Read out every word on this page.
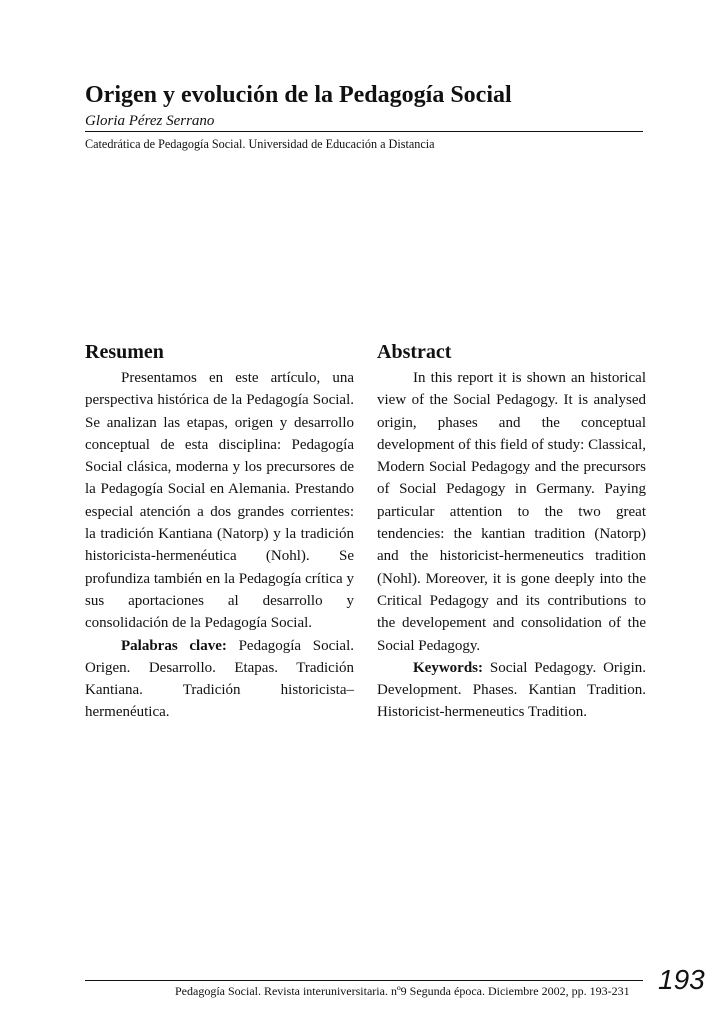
Origen y evolución de la Pedagogía Social
Gloria Pérez Serrano
Catedrática de Pedagogía Social. Universidad de Educación a Distancia
Resumen

Presentamos en este artículo, una perspectiva histórica de la Pedagogía Social. Se analizan las etapas, origen y desarrollo conceptual de esta disciplina: Pedagogía Social clásica, moderna y los precursores de la Pedagogía Social en Alemania. Prestando especial atención a dos grandes corrientes: la tradición Kantiana (Natorp) y la tradición historicista-hermenéutica (Nohl). Se profundiza también en la Pedagogía crítica y sus aportaciones al desarrollo y consolidación de la Pedagogía Social.

Palabras clave: Pedagogía Social. Origen. Desarrollo. Etapas. Tradición Kantiana. Tradición historicista– hermenéutica.

Abstract

In this report it is shown an historical view of the Social Pedagogy. It is analysed origin, phases and the conceptual development of this field of study: Classical, Modern Social Pedagogy and the precursors of Social Pedagogy in Germany. Paying particular attention to the two great tendencies: the kantian tradition (Natorp) and the historicist-hermeneutics tradition (Nohl). Moreover, it is gone deeply into the Critical Pedagogy and its contributions to the developement and consolidation of the Social Pedagogy.

Keywords: Social Pedagogy. Origin. Development. Phases. Kantian Tradition. Historicist-hermeneutics Tradition.

Pedagogía Social. Revista interuniversitaria. nº9 Segunda época. Diciembre 2002, pp. 193-231 193
